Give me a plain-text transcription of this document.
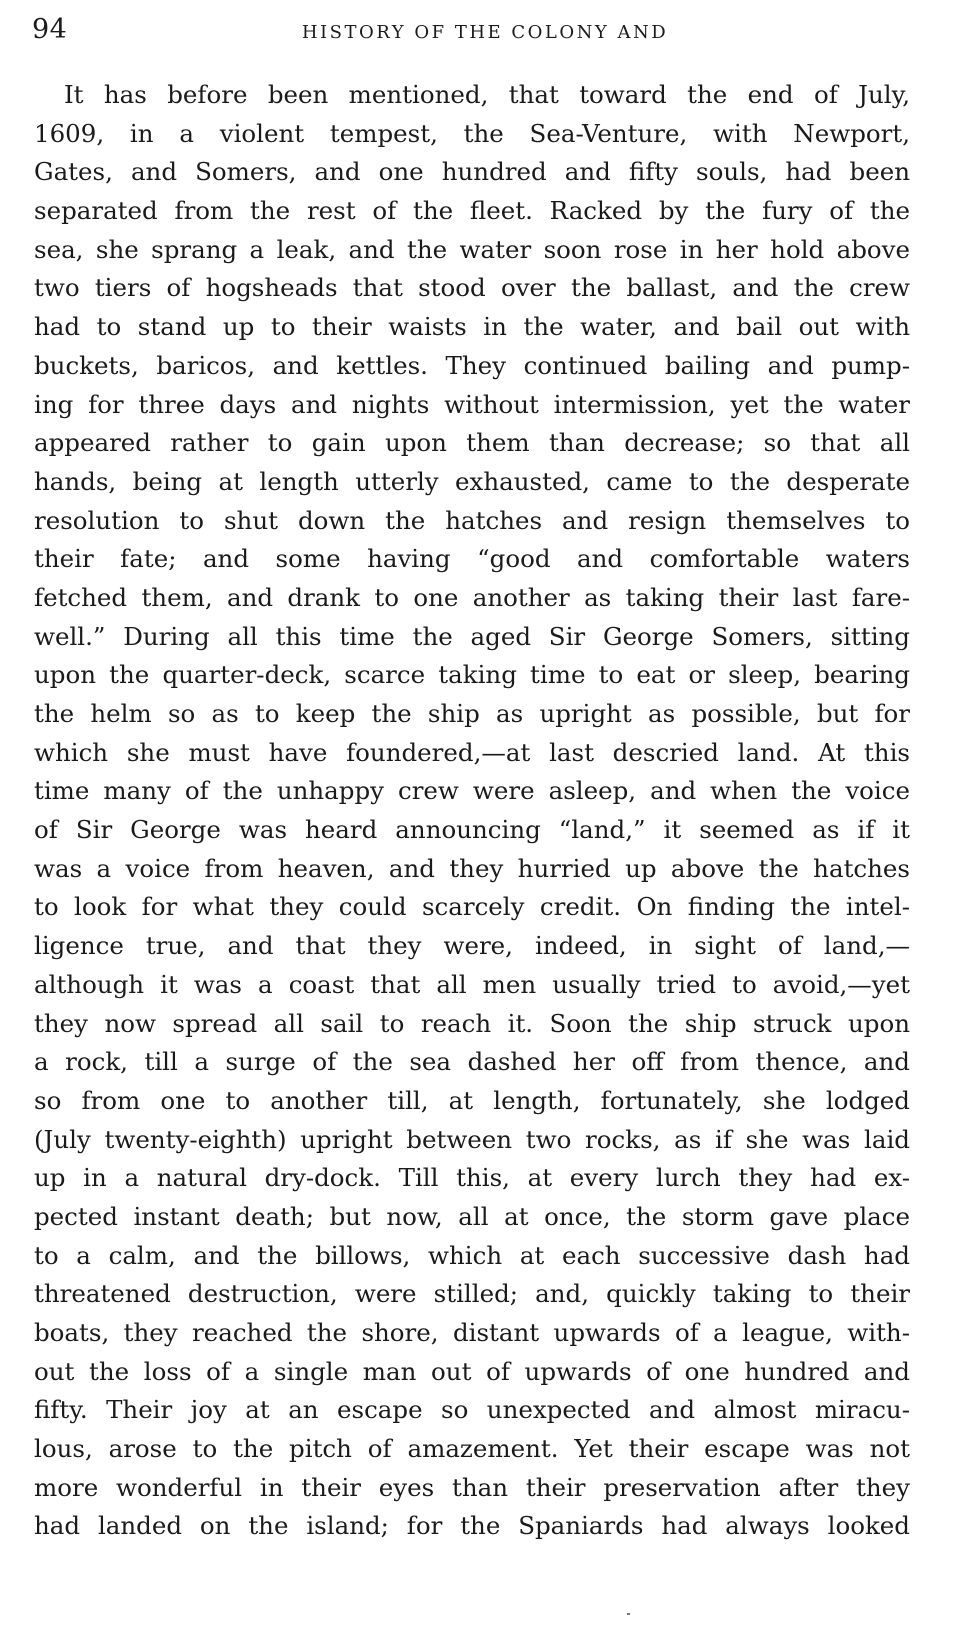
94	HISTORY OF THE COLONY AND
It has before been mentioned, that toward the end of July,
1609, in a violent tempest, the Sea-Venture, with Newport,
Gates, and Somers, and one hundred and fifty souls, had been
separated from the rest of the fleet. Racked by the fury of the
sea, she sprang a leak, and the water soon rose in her hold above
two tiers of hogsheads that stood over the ballast, and the crew
had to stand up to their waists in the water, and bail out with
buckets, baricos, and kettles. They continued bailing and pump-
ing for three days and nights without intermission, yet the water
appeared rather to gain upon them than decrease; so that all
hands, being at length utterly exhausted, came to the desperate
resolution to shut down the hatches and resign themselves to
their fate; and some having “good and comfortable waters
fetched them, and drank to one another as taking their last fare-
well.” During all this time the aged Sir George Somers, sitting
upon the quarter-deck, scarce taking time to eat or sleep, bearing
the helm so as to keep the ship as upright as possible, but for
which she must have foundered,—at last descried land. At this
time many of the unhappy crew were asleep, and when the voice
of Sir George was heard announcing “land,” it seemed as if it
was a voice from heaven, and they hurried up above the hatches
to look for what they could scarcely credit. On finding the intel-
ligence true, and that they were, indeed, in sight of land,—
although it was a coast that all men usually tried to avoid,—yet
they now spread all sail to reach it. Soon the ship struck upon
a rock, till a surge of the sea dashed her off from thence, and
so from one to another till, at length, fortunately, she lodged
(July twenty-eighth) upright between two rocks, as if she was laid
up in a natural dry-dock. Till this, at every lurch they had ex-
pected instant death; but now, all at once, the storm gave place
to a calm, and the billows, which at each successive dash had
threatened destruction, were stilled; and, quickly taking to their
boats, they reached the shore, distant upwards of a league, with-
out the loss of a single man out of upwards of one hundred and
fifty. Their joy at an escape so unexpected and almost miracu-
lous, arose to the pitch of amazement. Yet their escape was not
more wonderful in their eyes than their preservation after they
had landed on the island; for the Spaniards had always looked
